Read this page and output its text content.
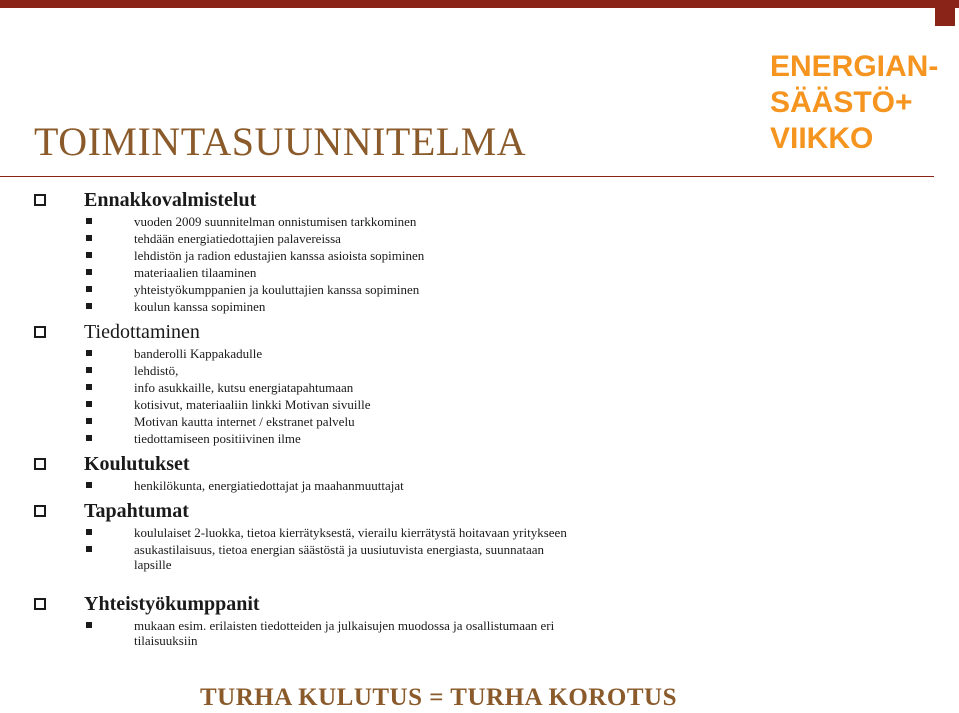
ENERGIAN-
SÄÄSTÖ+
VIIKKO
TOIMINTASUUNNITELMA
Ennakkovalmistelut
vuoden 2009 suunnitelman onnistumisen tarkkominen
tehdään energiatiedottajien palavereissa
lehdistön ja radion edustajien kanssa asioista sopiminen
materiaalien tilaaminen
yhteistyökumppanien ja kouluttajien kanssa sopiminen
koulun kanssa sopiminen
Tiedottaminen
banderolli Kappakadulle
lehdistö,
info asukkaille, kutsu energiatapahtumaan
kotisivut, materiaaliin linkki Motivan sivuille
Motivan kautta internet / ekstranet palvelu
tiedottamiseen positiivinen ilme
Koulutukset
henkilökunta, energiatiedottajat ja maahanmuuttajat
Tapahtumat
koululaiset 2-luokka, tietoa kierrätyksestä, vierailu kierrätystä hoitavaan yritykseen
asukastilaisuus, tietoa energian säästöstä ja uusiutuvista energiasta, suunnataan lapsille
Yhteistyökumppanit
mukaan esim. erilaisten tiedotteiden ja julkaisujen muodossa ja osallistumaan eri tilaisuuksiin

TURHA KULUTUS = TURHA KOROTUS
